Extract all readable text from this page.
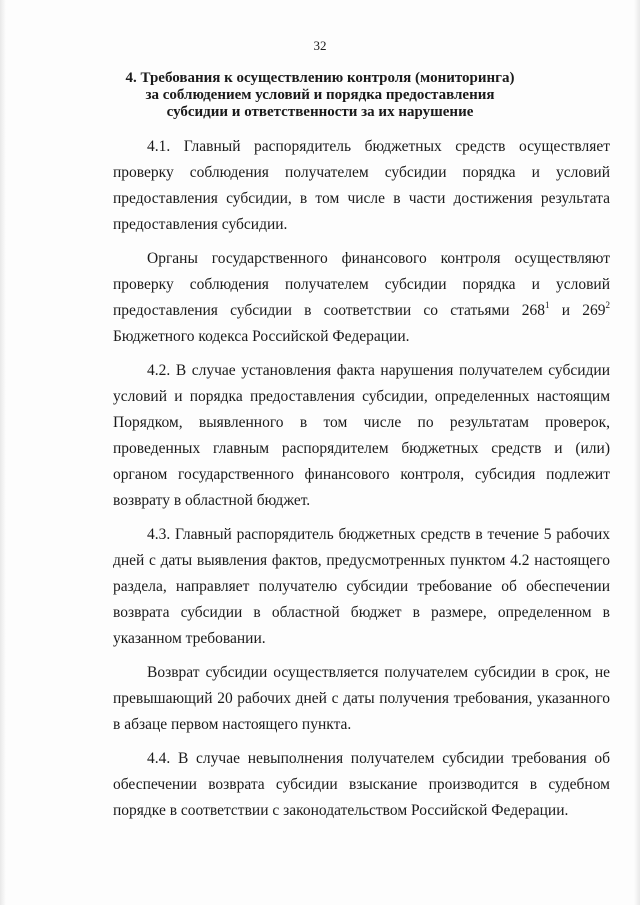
32
4. Требования к осуществлению контроля (мониторинга)
за соблюдением условий и порядка предоставления
субсидии и ответственности за их нарушение

4.1. Главный распорядитель бюджетных средств осуществляет проверку соблюдения получателем субсидии порядка и условий предоставления субсидии, в том числе в части достижения результата предоставления субсидии.

Органы государственного финансового контроля осуществляют проверку соблюдения получателем субсидии порядка и условий предоставления субсидии в соответствии со статьями $268^1$ и $269^2$ Бюджетного кодекса Российской Федерации.

4.2. В случае установления факта нарушения получателем субсидии условий и порядка предоставления субсидии, определенных настоящим Порядком, выявленного в том числе по результатам проверок, проведенных главным распорядителем бюджетных средств и (или) органом государственного финансового контроля, субсидия подлежит возврату в областной бюджет.

4.3. Главный распорядитель бюджетных средств в течение 5 рабочих дней с даты выявления фактов, предусмотренных пунктом 4.2 настоящего раздела, направляет получателю субсидии требование об обеспечении возврата субсидии в областной бюджет в размере, определенном в указанном требовании.

Возврат субсидии осуществляется получателем субсидии в срок, не превышающий 20 рабочих дней с даты получения требования, указанного в абзаце первом настоящего пункта.

4.4. В случае невыполнения получателем субсидии требования об обеспечении возврата субсидии взыскание производится в судебном порядке в соответствии с законодательством Российской Федерации.
